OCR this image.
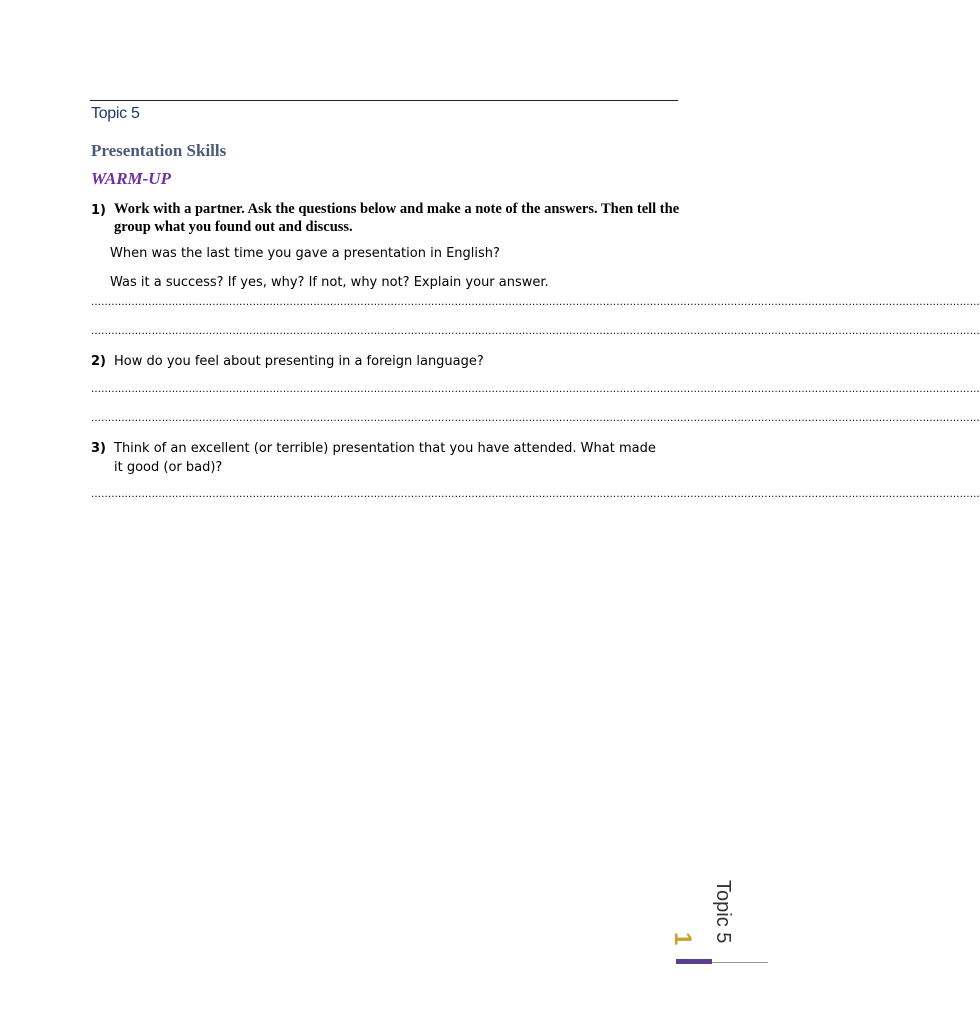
Topic 5
Presentation Skills
WARM-UP
1) Work with a partner. Ask the questions below and make a note of the answers. Then tell the group what you found out and discuss.
When was the last time you gave a presentation in English?
Was it a success? If yes, why? If not, why not? Explain your answer.
…………………………………………………………………………………………………………………………………………………………………………………………………………………………………………
…………………………………………………………………………………………………………………………………………………………………………………………………………………………………………
2) How do you feel about presenting in a foreign language?
…………………………………………………………………………………………………………………………………………………………………………………………………………………………………………
…………………………………………………………………………………………………………………………………………………………………………………………………………………………………………
3) Think of an excellent (or terrible) presentation that you have attended. What made it good (or bad)?
…………………………………………………………………………………………………………………………………………………………………………………………………………………………………………
Topic 5
1
